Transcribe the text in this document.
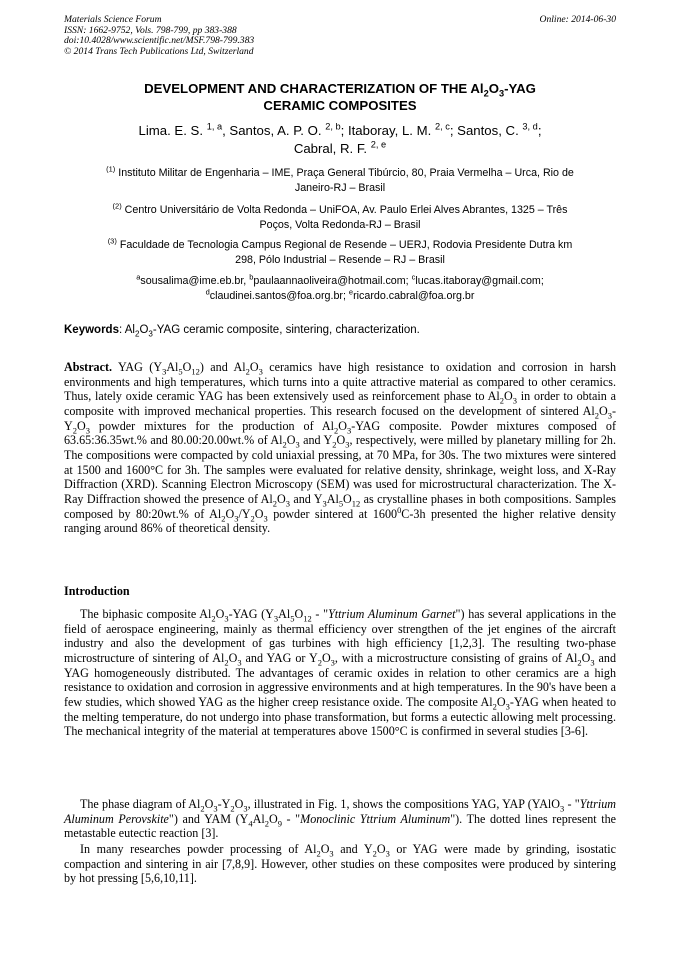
Materials Science Forum
ISSN: 1662-9752, Vols. 798-799, pp 383-388
doi:10.4028/www.scientific.net/MSF.798-799.383
© 2014 Trans Tech Publications Ltd, Switzerland
Online: 2014-06-30
DEVELOPMENT AND CHARACTERIZATION OF THE $Al_2O_3$-YAG
CERAMIC COMPOSITES
Lima. E. S. $^{1, a}$, Santos, A. P. O. $^{2, b}$; Itaboray, L. M. $^{2, c}$; Santos, C. $^{3, d}$;
Cabral, R. F. $^{2, e}$
$^{(1)}$ Instituto Militar de Engenharia – IME, Praça General Tibúrcio, 80, Praia Vermelha – Urca, Rio de
Janeiro-RJ – Brasil
$^{(2)}$ Centro Universitário de Volta Redonda – UniFOA, Av. Paulo Erlei Alves Abrantes, 1325 – Três
Poços, Volta Redonda-RJ – Brasil
$^{(3)}$ Faculdade de Tecnologia Campus Regional de Resende – UERJ, Rodovia Presidente Dutra km
298, Pólo Industrial – Resende – RJ – Brasil
$^a$sousalima@ime.eb.br, $^b$paulaannaoliveira@hotmail.com; $^c$lucas.itaboray@gmail.com;
$^d$claudinei.santos@foa.org.br; $^e$ricardo.cabral@foa.org.br
Keywords: $Al_2O_3$-YAG ceramic composite, sintering, characterization.
Abstract. YAG $(Y_3Al_5O_{12})$ and $Al_2O_3$ ceramics have high resistance to oxidation and corrosion in harsh environments and high temperatures, which turns into a quite attractive material as compared to other ceramics. Thus, lately oxide ceramic YAG has been extensively used as reinforcement phase to $Al_2O_3$ in order to obtain a composite with improved mechanical properties. This research focused on the development of sintered $Al_2O_3-Y_2O_3$ powder mixtures for the production of $Al_2O_3$-YAG composite. Powder mixtures composed of 63.65:36.35wt.% and 80.00:20.00wt.% of $Al_2O_3$ and $Y_2O_3$, respectively, were milled by planetary milling for 2h. The compositions were compacted by cold uniaxial pressing, at 70 MPa, for 30s. The two mixtures were sintered at 1500 and 1600°C for 3h. The samples were evaluated for relative density, shrinkage, weight loss, and X-Ray Diffraction (XRD). Scanning Electron Microscopy (SEM) was used for microstructural characterization. The X-Ray Diffraction showed the presence of $Al_2O_3$ and $Y_3Al_5O_{12}$ as crystalline phases in both compositions. Samples composed by 80:20wt.% of $Al_2O_3/Y_2O_3$ powder sintered at 1600$^0$C-3h presented the higher relative density ranging around 86% of theoretical density.
Introduction
The biphasic composite $Al_2O_3$-YAG ($Y_3Al_5O_{12}$ - "Yttrium Aluminum Garnet") has several applications in the field of aerospace engineering, mainly as thermal efficiency over strengthen of the jet engines of the aircraft industry and also the development of gas turbines with high efficiency [1,2,3]. The resulting two-phase microstructure of sintering of $Al_2O_3$ and YAG or $Y_2O_3$, with a microstructure consisting of grains of $Al_2O_3$ and YAG homogeneously distributed. The advantages of ceramic oxides in relation to other ceramics are a high resistance to oxidation and corrosion in aggressive environments and at high temperatures. In the 90's have been a few studies, which showed YAG as the higher creep resistance oxide. The composite $Al_2O_3$-YAG when heated to the melting temperature, do not undergo into phase transformation, but forms a eutectic allowing melt processing. The mechanical integrity of the material at temperatures above 1500°C is confirmed in several studies [3-6].
The phase diagram of $Al_2O_3-Y_2O_3$, illustrated in Fig. 1, shows the compositions YAG, YAP (YAlO$_3$ - "Yttrium Aluminum Perovskite") and YAM ($Y_4Al_2O_9$ - "Monoclinic Yttrium Aluminum"). The dotted lines represent the metastable eutectic reaction [3].
In many researches powder processing of $Al_2O_3$ and $Y_2O_3$ or YAG were made by grinding, isostatic compaction and sintering in air [7,8,9]. However, other studies on these composites were produced by sintering by hot pressing [5,6,10,11].
